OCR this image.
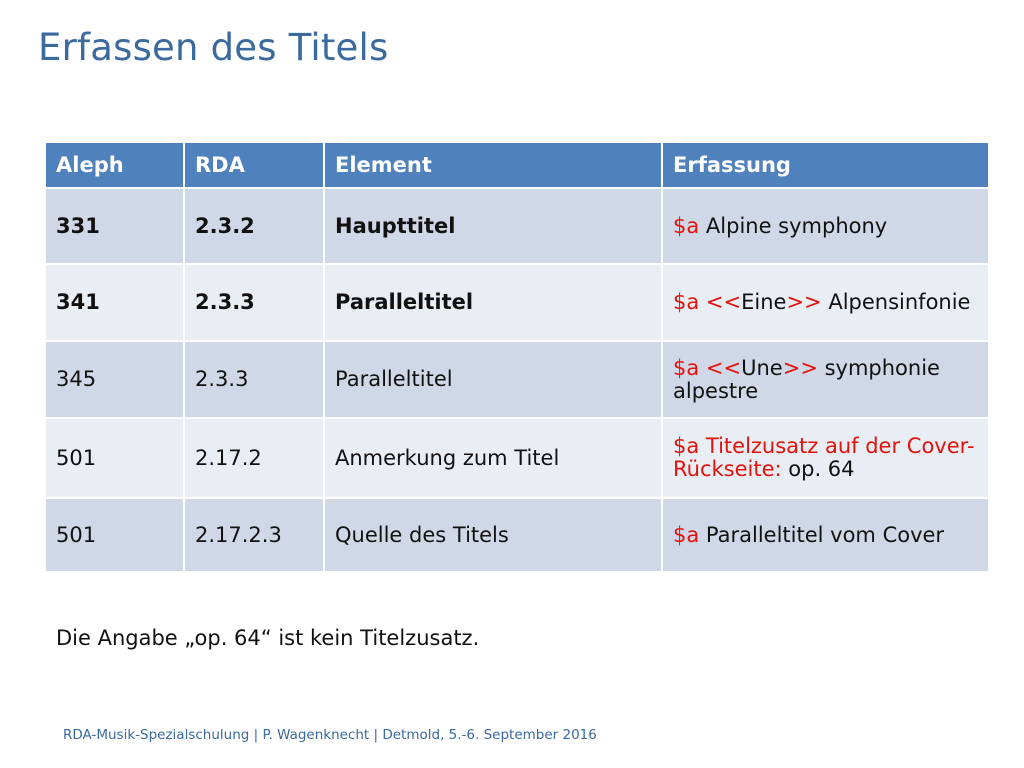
Erfassen des Titels
Aleph	RDA	Element	Erfassung
331	2.3.2	Haupttitel	$a Alpine symphony
341	2.3.3	Paralleltitel	$a <<Eine>> Alpensinfonie
345	2.3.3	Paralleltitel	$a <<Une>> symphonie alpestre
501	2.17.2	Anmerkung zum Titel	$a Titelzusatz auf der Cover-Rückseite: op. 64
501	2.17.2.3	Quelle des Titels	$a Paralleltitel vom Cover
Die Angabe „op. 64“ ist kein Titelzusatz.
RDA-Musik-Spezialschulung | P. Wagenknecht | Detmold, 5.-6. September 2016
